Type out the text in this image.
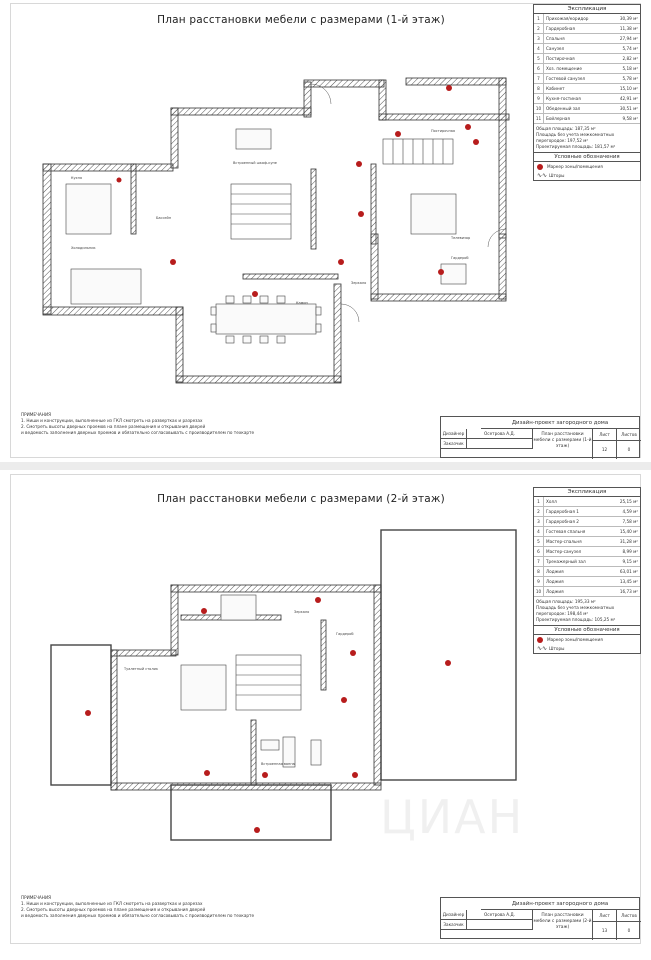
План расстановки мебели с размерами (1-й этаж)
Встроенный шкаф-купе
Кухня
Холодильник
Зеркало
Телевизор
Камин
Бассейн
Постирочная
Гардероб
Экспликация
1	Прихожая/коридор	30,39 м²
2	Гардеробная	11,38 м²
3	Спальня	27,94 м²
4	Санузел	5,74 м²
5	Постирочная	2,82 м²
6	Хоз. помещение	5,18 м²
7	Гостевой санузел	5,78 м²
8	Кабинет	15,10 м²
9	Кухня-гостиная	42,91 м²
10	Обеденный зал	30,51 м²
11	Бойлерная	9,58 м²
Общая площадь: 187,35 м²
Площадь без учета межкомнатных перегородок: 197,52 м²
Проектируемая площадь: 181,57 м²
Условные обозначения
Маркер зоны/помещения
∿∿ Шторы
ПРИМЕЧАНИЯ
1. Ниши и конструкции, выполненные из ГКЛ смотреть на развертках и разрезах
2. Смотреть высоты дверных проемов на плане размещения и открывания дверей
и ведомость заполнения дверных проемов и обязательно согласовывать с производителем по техкарте
Дизайн-проект загородного дома
Дизайнер	Осетрова А.Д.
Заказчик
План расстановки мебели с размерами (1-й этаж)
Лист	Листов
12	0
План расстановки мебели с размерами (2-й этаж)
Гардероб
Зеркало
Туалетный столик
Встроенная ванна
Экспликация
1	Холл	25,15 м²
2	Гардеробная 1	4,59 м²
3	Гардеробная 2	7,58 м²
4	Гостевая спальня	15,40 м²
5	Мастер-спальня	31,28 м²
6	Мастер-санузел	8,99 м²
7	Тренажерный зал	9,15 м²
8	Лоджия	63,01 м²
9	Лоджия	13,45 м²
10	Лоджия	16,73 м²
Общая площадь: 195,33 м²
Площадь без учета межкомнатных перегородок: 198,44 м²
Проектируемая площадь: 105,25 м²
Условные обозначения
Маркер зоны/помещения
∿∿ Шторы
ПРИМЕЧАНИЯ
1. Ниши и конструкции, выполненные из ГКЛ смотреть на развертках и разрезах
2. Смотреть высоты дверных проемов на плане размещения и открывания дверей
и ведомость заполнения дверных проемов и обязательно согласовывать с производителем по техкарте
Дизайн-проект загородного дома
Дизайнер	Осетрова А.Д.
Заказчик
План расстановки мебели с размерами (2-й этаж)
Лист	Листов
13	0
ЦИАН
